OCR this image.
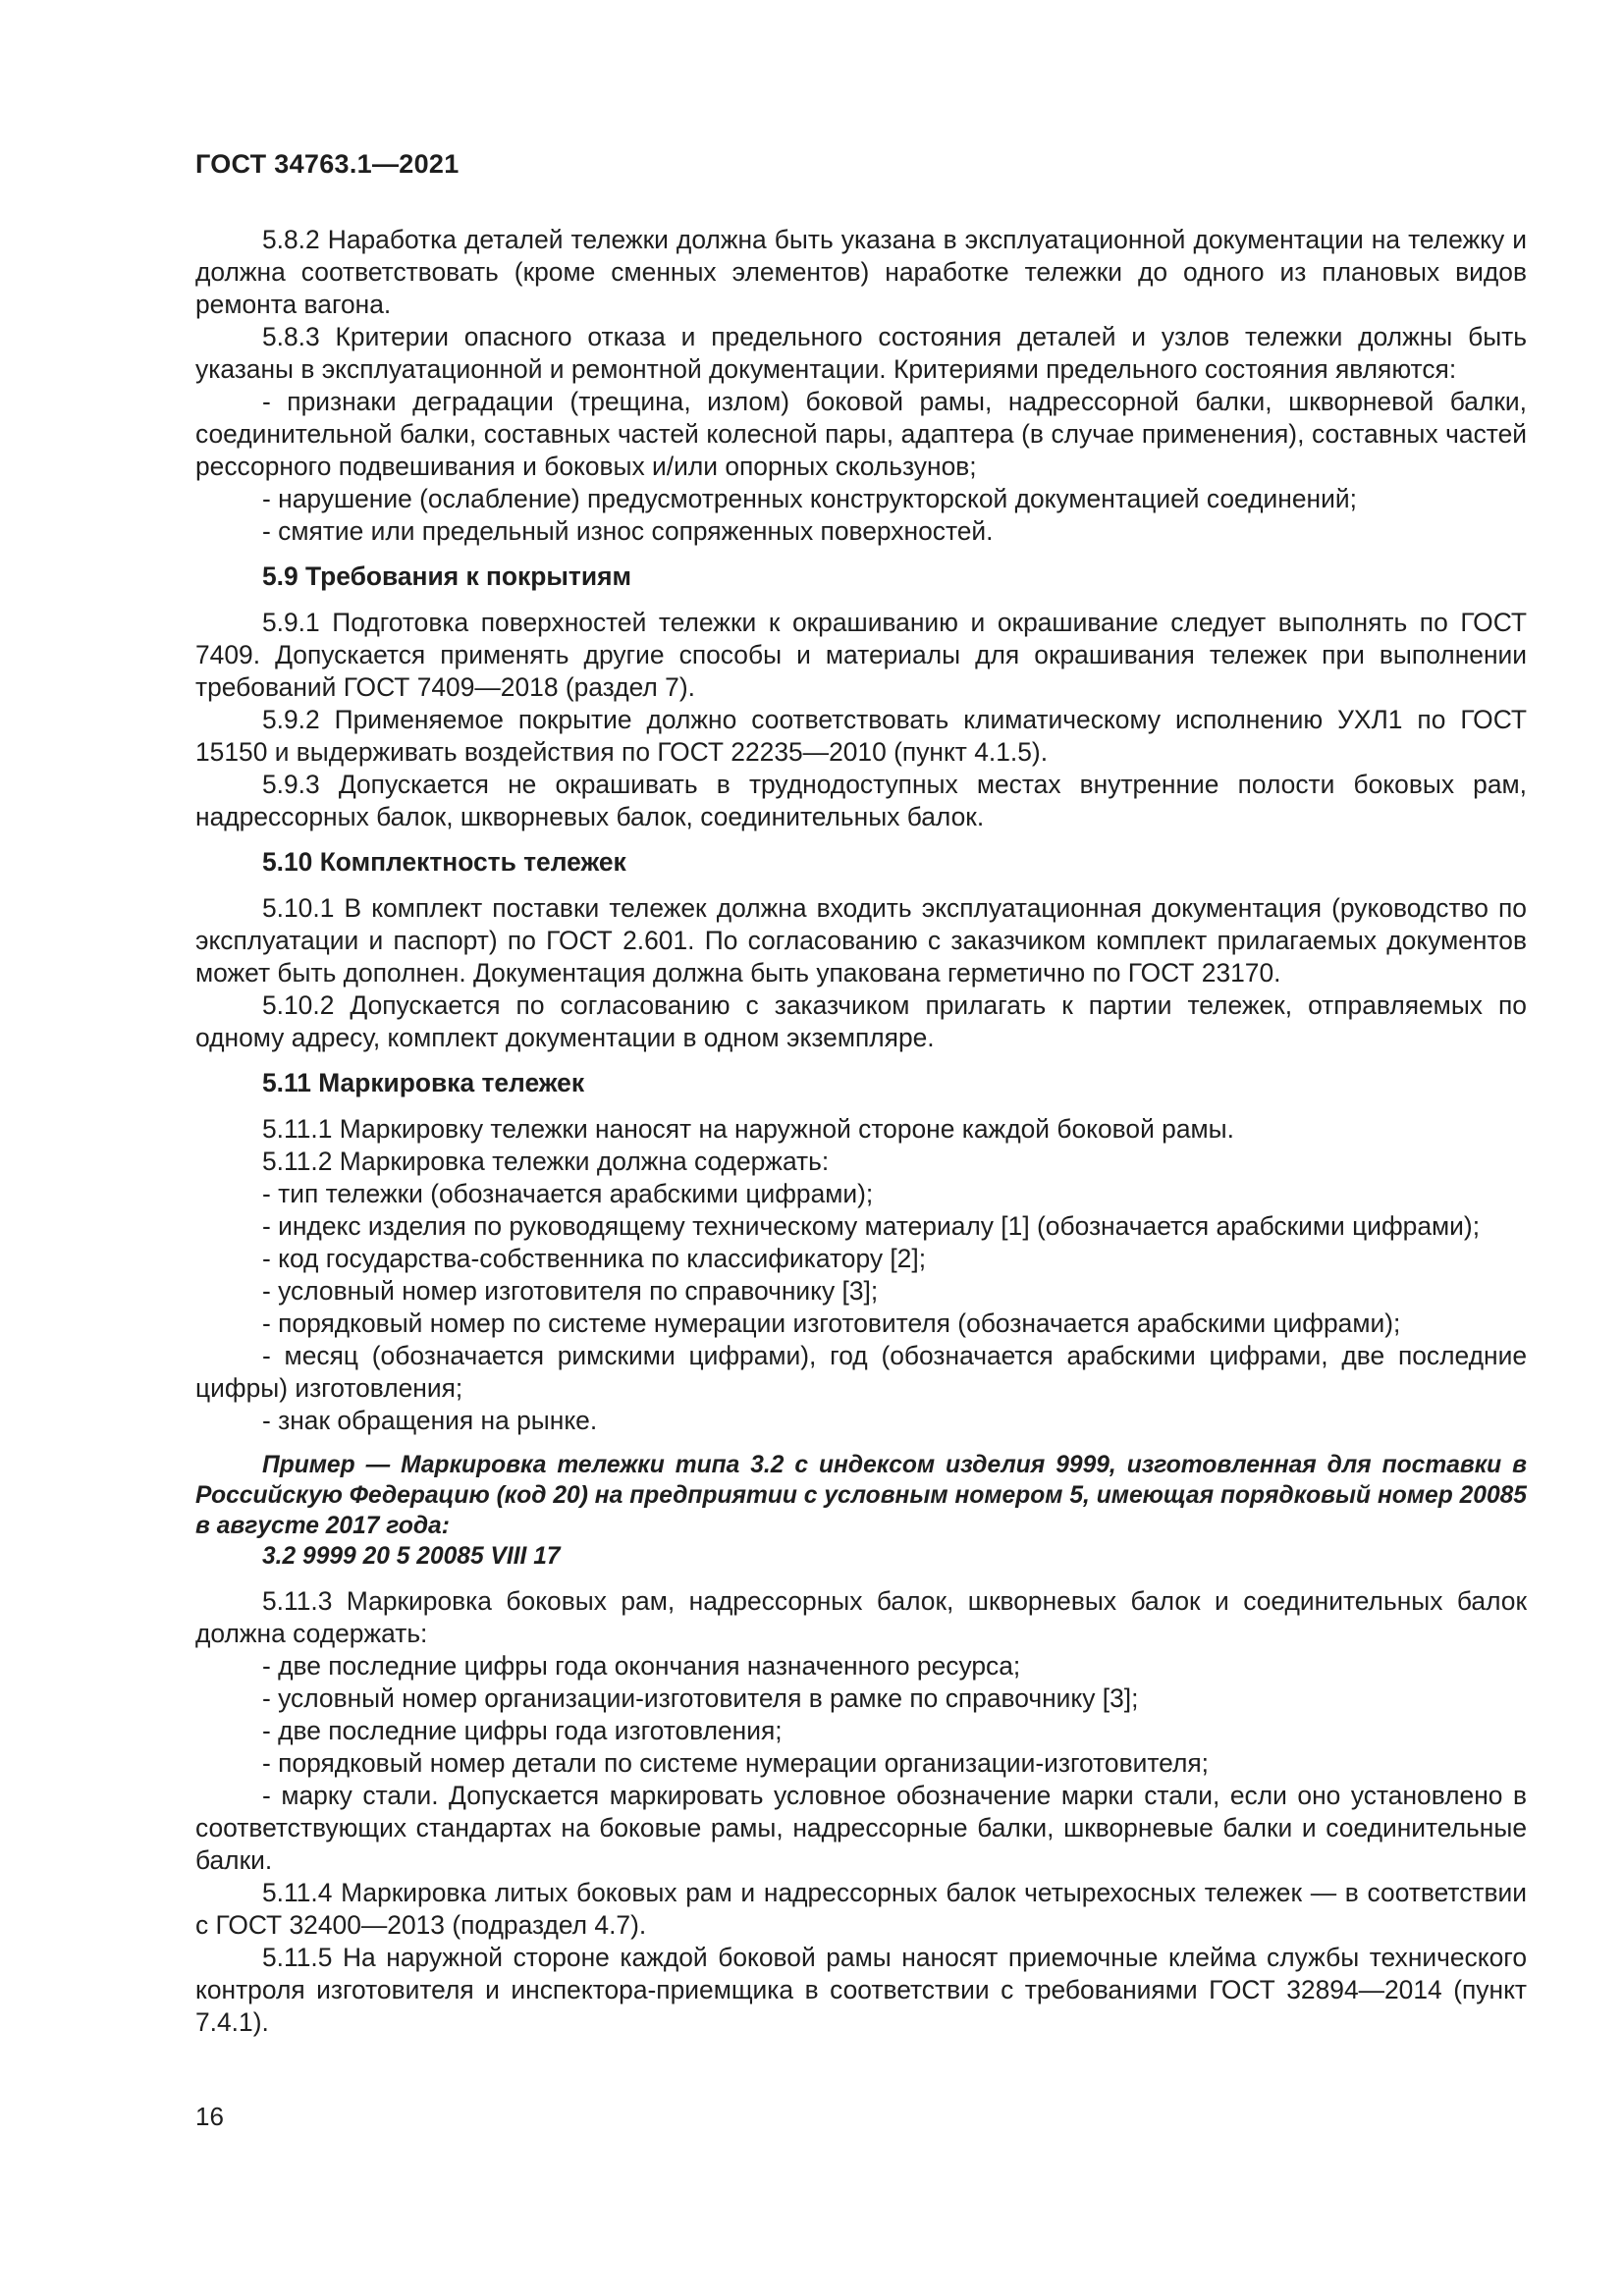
ГОСТ 34763.1—2021

5.8.2 Наработка деталей тележки должна быть указана в эксплуатационной документации на тележку и должна соответствовать (кроме сменных элементов) наработке тележки до одного из плановых видов ремонта вагона.

5.8.3 Критерии опасного отказа и предельного состояния деталей и узлов тележки должны быть указаны в эксплуатационной и ремонтной документации. Критериями предельного состояния являются:

- признаки деградации (трещина, излом) боковой рамы, надрессорной балки, шкворневой балки, соединительной балки, составных частей колесной пары, адаптера (в случае применения), составных частей рессорного подвешивания и боковых и/или опорных скользунов;

- нарушение (ослабление) предусмотренных конструкторской документацией соединений;

- смятие или предельный износ сопряженных поверхностей.

5.9 Требования к покрытиям

5.9.1 Подготовка поверхностей тележки к окрашиванию и окрашивание следует выполнять по ГОСТ 7409. Допускается применять другие способы и материалы для окрашивания тележек при выполнении требований ГОСТ 7409—2018 (раздел 7).

5.9.2 Применяемое покрытие должно соответствовать климатическому исполнению УХЛ1 по ГОСТ 15150 и выдерживать воздействия по ГОСТ 22235—2010 (пункт 4.1.5).

5.9.3 Допускается не окрашивать в труднодоступных местах внутренние полости боковых рам, надрессорных балок, шкворневых балок, соединительных балок.

5.10 Комплектность тележек

5.10.1 В комплект поставки тележек должна входить эксплуатационная документация (руководство по эксплуатации и паспорт) по ГОСТ 2.601. По согласованию с заказчиком комплект прилагаемых документов может быть дополнен. Документация должна быть упакована герметично по ГОСТ 23170.

5.10.2 Допускается по согласованию с заказчиком прилагать к партии тележек, отправляемых по одному адресу, комплект документации в одном экземпляре.

5.11 Маркировка тележек

5.11.1 Маркировку тележки наносят на наружной стороне каждой боковой рамы.

5.11.2 Маркировка тележки должна содержать:

- тип тележки (обозначается арабскими цифрами);

- индекс изделия по руководящему техническому материалу [1] (обозначается арабскими цифрами);

- код государства-собственника по классификатору [2];

- условный номер изготовителя по справочнику [3];

- порядковый номер по системе нумерации изготовителя (обозначается арабскими цифрами);

- месяц (обозначается римскими цифрами), год (обозначается арабскими цифрами, две последние цифры) изготовления;

- знак обращения на рынке.

Пример — Маркировка тележки типа 3.2 с индексом изделия 9999, изготовленная для поставки в Российскую Федерацию (код 20) на предприятии с условным номером 5, имеющая порядковый номер 20085 в августе 2017 года:

3.2 9999 20 5 20085 VIII 17

5.11.3 Маркировка боковых рам, надрессорных балок, шкворневых балок и соединительных балок должна содержать:

- две последние цифры года окончания назначенного ресурса;

- условный номер организации-изготовителя в рамке по справочнику [3];

- две последние цифры года изготовления;

- порядковый номер детали по системе нумерации организации-изготовителя;

- марку стали. Допускается маркировать условное обозначение марки стали, если оно установлено в соответствующих стандартах на боковые рамы, надрессорные балки, шкворневые балки и соединительные балки.

5.11.4 Маркировка литых боковых рам и надрессорных балок четырехосных тележек — в соответствии с ГОСТ 32400—2013 (подраздел 4.7).

5.11.5 На наружной стороне каждой боковой рамы наносят приемочные клейма службы технического контроля изготовителя и инспектора-приемщика в соответствии с требованиями ГОСТ 32894—2014 (пункт 7.4.1).

16
